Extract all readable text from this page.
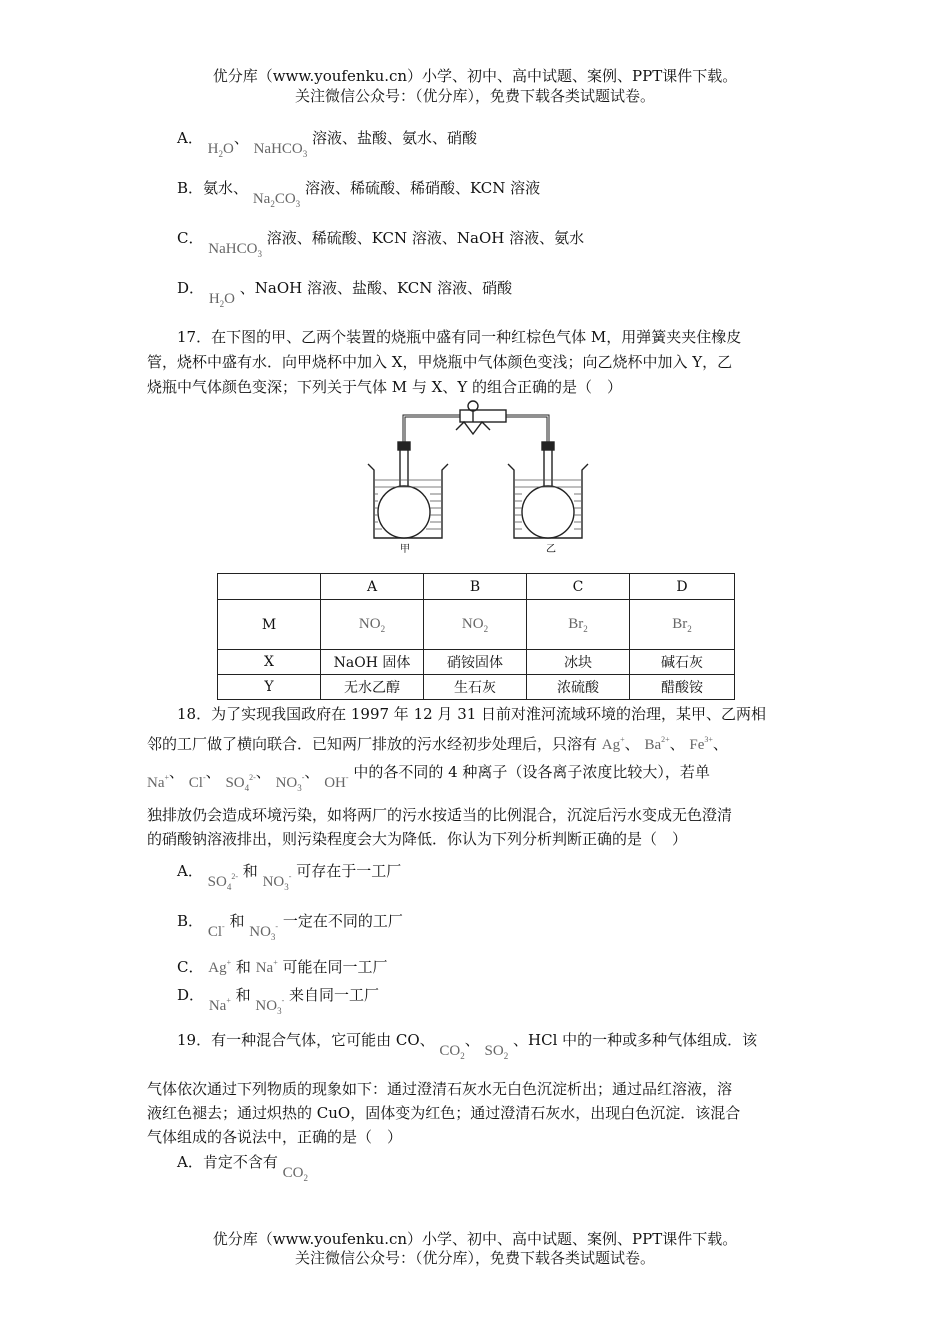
优分库（www.youfenku.cn）小学、初中、高中试题、案例、PPT课件下载。
关注微信公众号：（优分库），免费下载各类试题试卷。
A． $H_2O$、 NaHCO$_3$ 溶液、盐酸、氨水、硝酸
B．氨水、 $Na_2CO_3$ 溶液、稀硫酸、稀硝酸、KCN 溶液
C． NaHCO$_3$ 溶液、稀硫酸、KCN 溶液、NaOH 溶液、氨水
D． $H_2O$ 、NaOH 溶液、盐酸、KCN 溶液、硝酸
17．在下图的甲、乙两个装置的烧瓶中盛有同一种红棕色气体 M，用弹簧夹夹住橡皮
管，烧杯中盛有水．向甲烧杯中加入 X，甲烧瓶中气体颜色变浅；向乙烧杯中加入 Y，乙
烧瓶中气体颜色变深；下列关于气体 M 与 X、Y 的组合正确的是（　）
甲	乙
	A	B	C	D
M	$NO_2$	$NO_2$	$Br_2$	$Br_2$
X	NaOH 固体	硝铵固体	冰块	碱石灰
Y	无水乙醇	生石灰	浓硫酸	醋酸铵
18．为了实现我国政府在 1997 年 12 月 31 日前对淮河流域环境的治理，某甲、乙两相
邻的工厂做了横向联合．已知两厂排放的污水经初步处理后，只溶有 Ag+、 $Ba^{2+}$、 $Fe^{3+}$、
Na+、 Cl-、 $SO_4^{2-}$、 $NO_3^-$、 OH- 中的各不同的 4 种离子（设各离子浓度比较大），若单
独排放仍会造成环境污染，如将两厂的污水按适当的比例混合，沉淀后污水变成无色澄清
的硝酸钠溶液排出，则污染程度会大为降低．你认为下列分析判断正确的是（　）
A． $SO_4^{2-}$ 和 $NO_3^-$ 可存在于一工厂
B． Cl- 和 $NO_3^-$ 一定在不同的工厂
C． Ag+ 和 Na+ 可能在同一工厂
D． Na+ 和 $NO_3^-$ 来自同一工厂
19．有一种混合气体，它可能由 CO、 $CO_2$、 $SO_2$ 、HCl 中的一种或多种气体组成．该
气体依次通过下列物质的现象如下：通过澄清石灰水无白色沉淀析出；通过品红溶液，溶
液红色褪去；通过炽热的 CuO，固体变为红色；通过澄清石灰水，出现白色沉淀．该混合
气体组成的各说法中，正确的是（　）
A．肯定不含有 $CO_2$
优分库（www.youfenku.cn）小学、初中、高中试题、案例、PPT课件下载。
关注微信公众号：（优分库），免费下载各类试题试卷。
